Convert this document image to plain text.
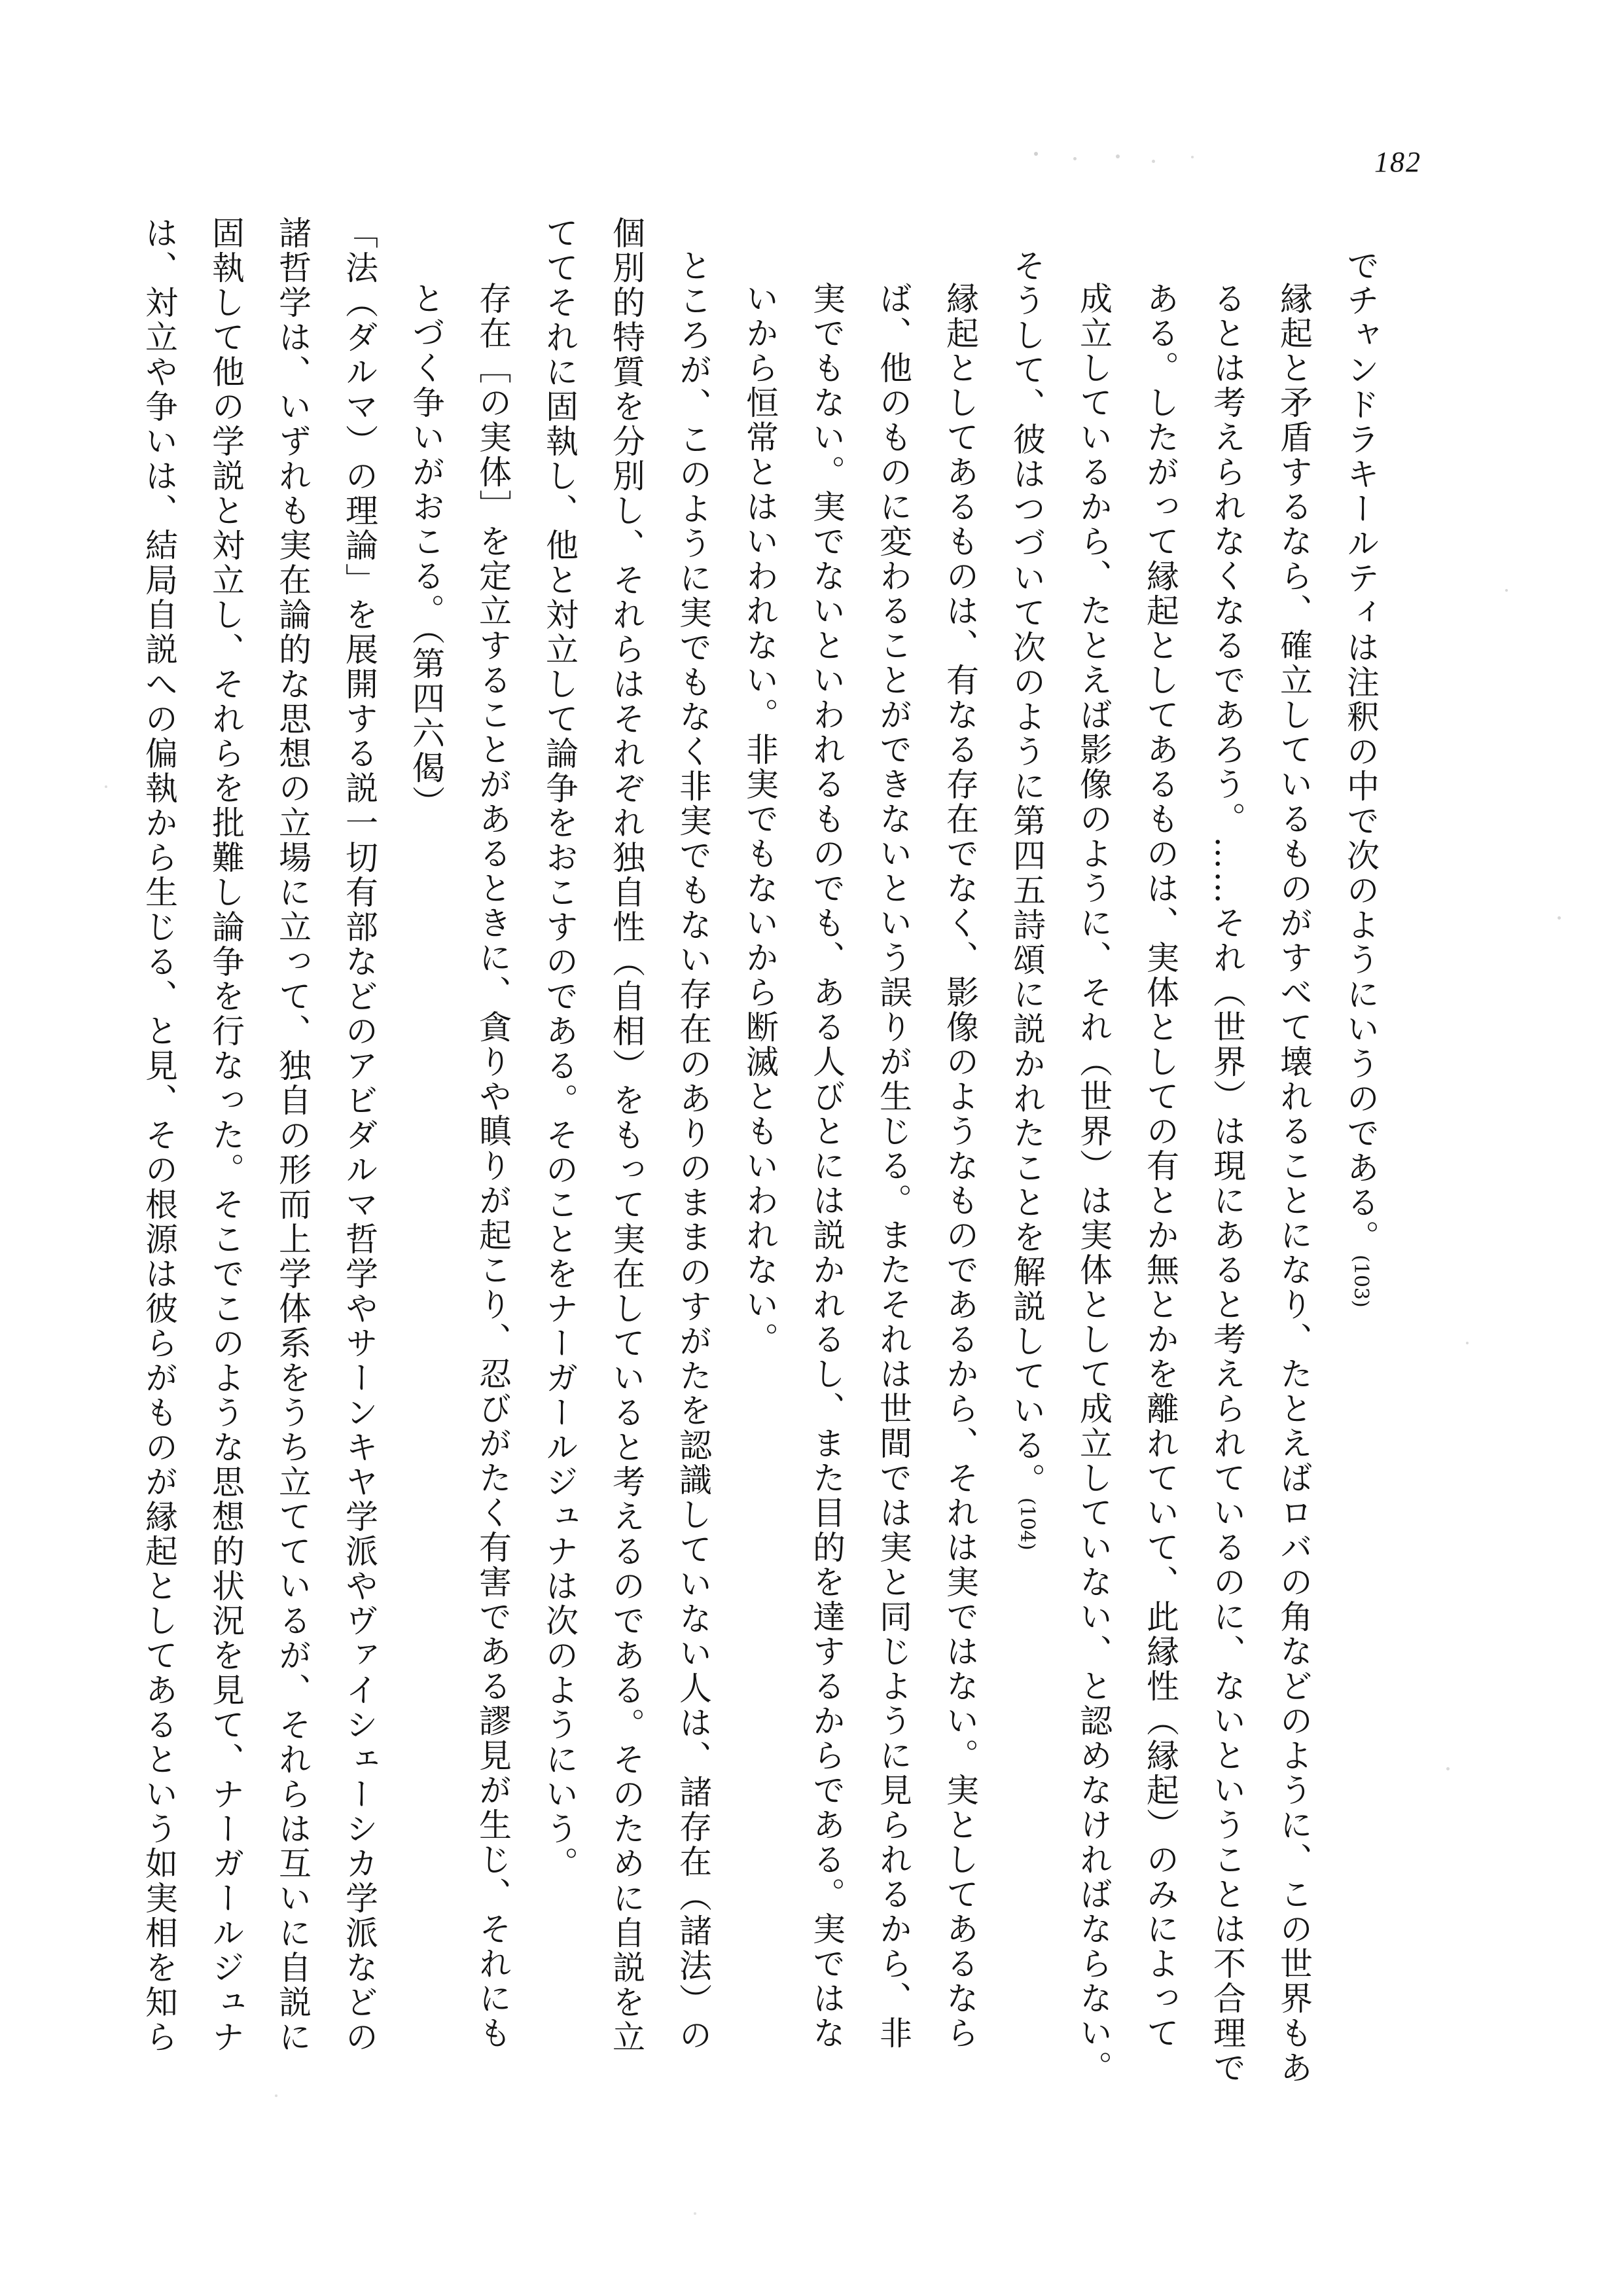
182
でチャンドラキールティは注釈の中で次のようにいうのである。(103)
縁起と矛盾するなら、確立しているものがすべて壊れることになり、たとえばロバの角などのように、この世界もあ
るとは考えられなくなるであろう。……それ（世界）は現にあると考えられているのに、ないということは不合理で
ある。したがって縁起としてあるものは、実体としての有とか無とかを離れていて、此縁性（縁起）のみによって
成立しているから、たとえば影像のように、それ（世界）は実体として成立していない、と認めなければならない。
そうして、彼はつづいて次のように第四五詩頌に説かれたことを解説している。(104)
縁起としてあるものは、有なる存在でなく、影像のようなものであるから、それは実ではない。実としてあるなら
ば、他のものに変わることができないという誤りが生じる。またそれは世間では実と同じように見られるから、非
実でもない。実でないといわれるものでも、ある人びとには説かれるし、また目的を達するからである。実ではな
いから恒常とはいわれない。非実でもないから断滅ともいわれない。
ところが、このように実でもなく非実でもない存在のありのままのすがたを認識していない人は、諸存在（諸法）の
個別的特質を分別し、それらはそれぞれ独自性（自相）をもって実在していると考えるのである。そのために自説を立
ててそれに固執し、他と対立して論争をおこすのである。そのことをナーガールジュナは次のようにいう。
存在［の実体］を定立することがあるときに、貪りや瞋りが起こり、忍びがたく有害である謬見が生じ、それにも
とづく争いがおこる。（第四六偈）
「法（ダルマ）の理論」を展開する説一切有部などのアビダルマ哲学やサーンキヤ学派やヴァイシェーシカ学派などの
諸哲学は、いずれも実在論的な思想の立場に立って、独自の形而上学体系をうち立てているが、それらは互いに自説に
固執して他の学説と対立し、それらを批難し論争を行なった。そこでこのような思想的状況を見て、ナーガールジュナ
は、対立や争いは、結局自説への偏執から生じる、と見、その根源は彼らがものが縁起としてあるという如実相を知ら
